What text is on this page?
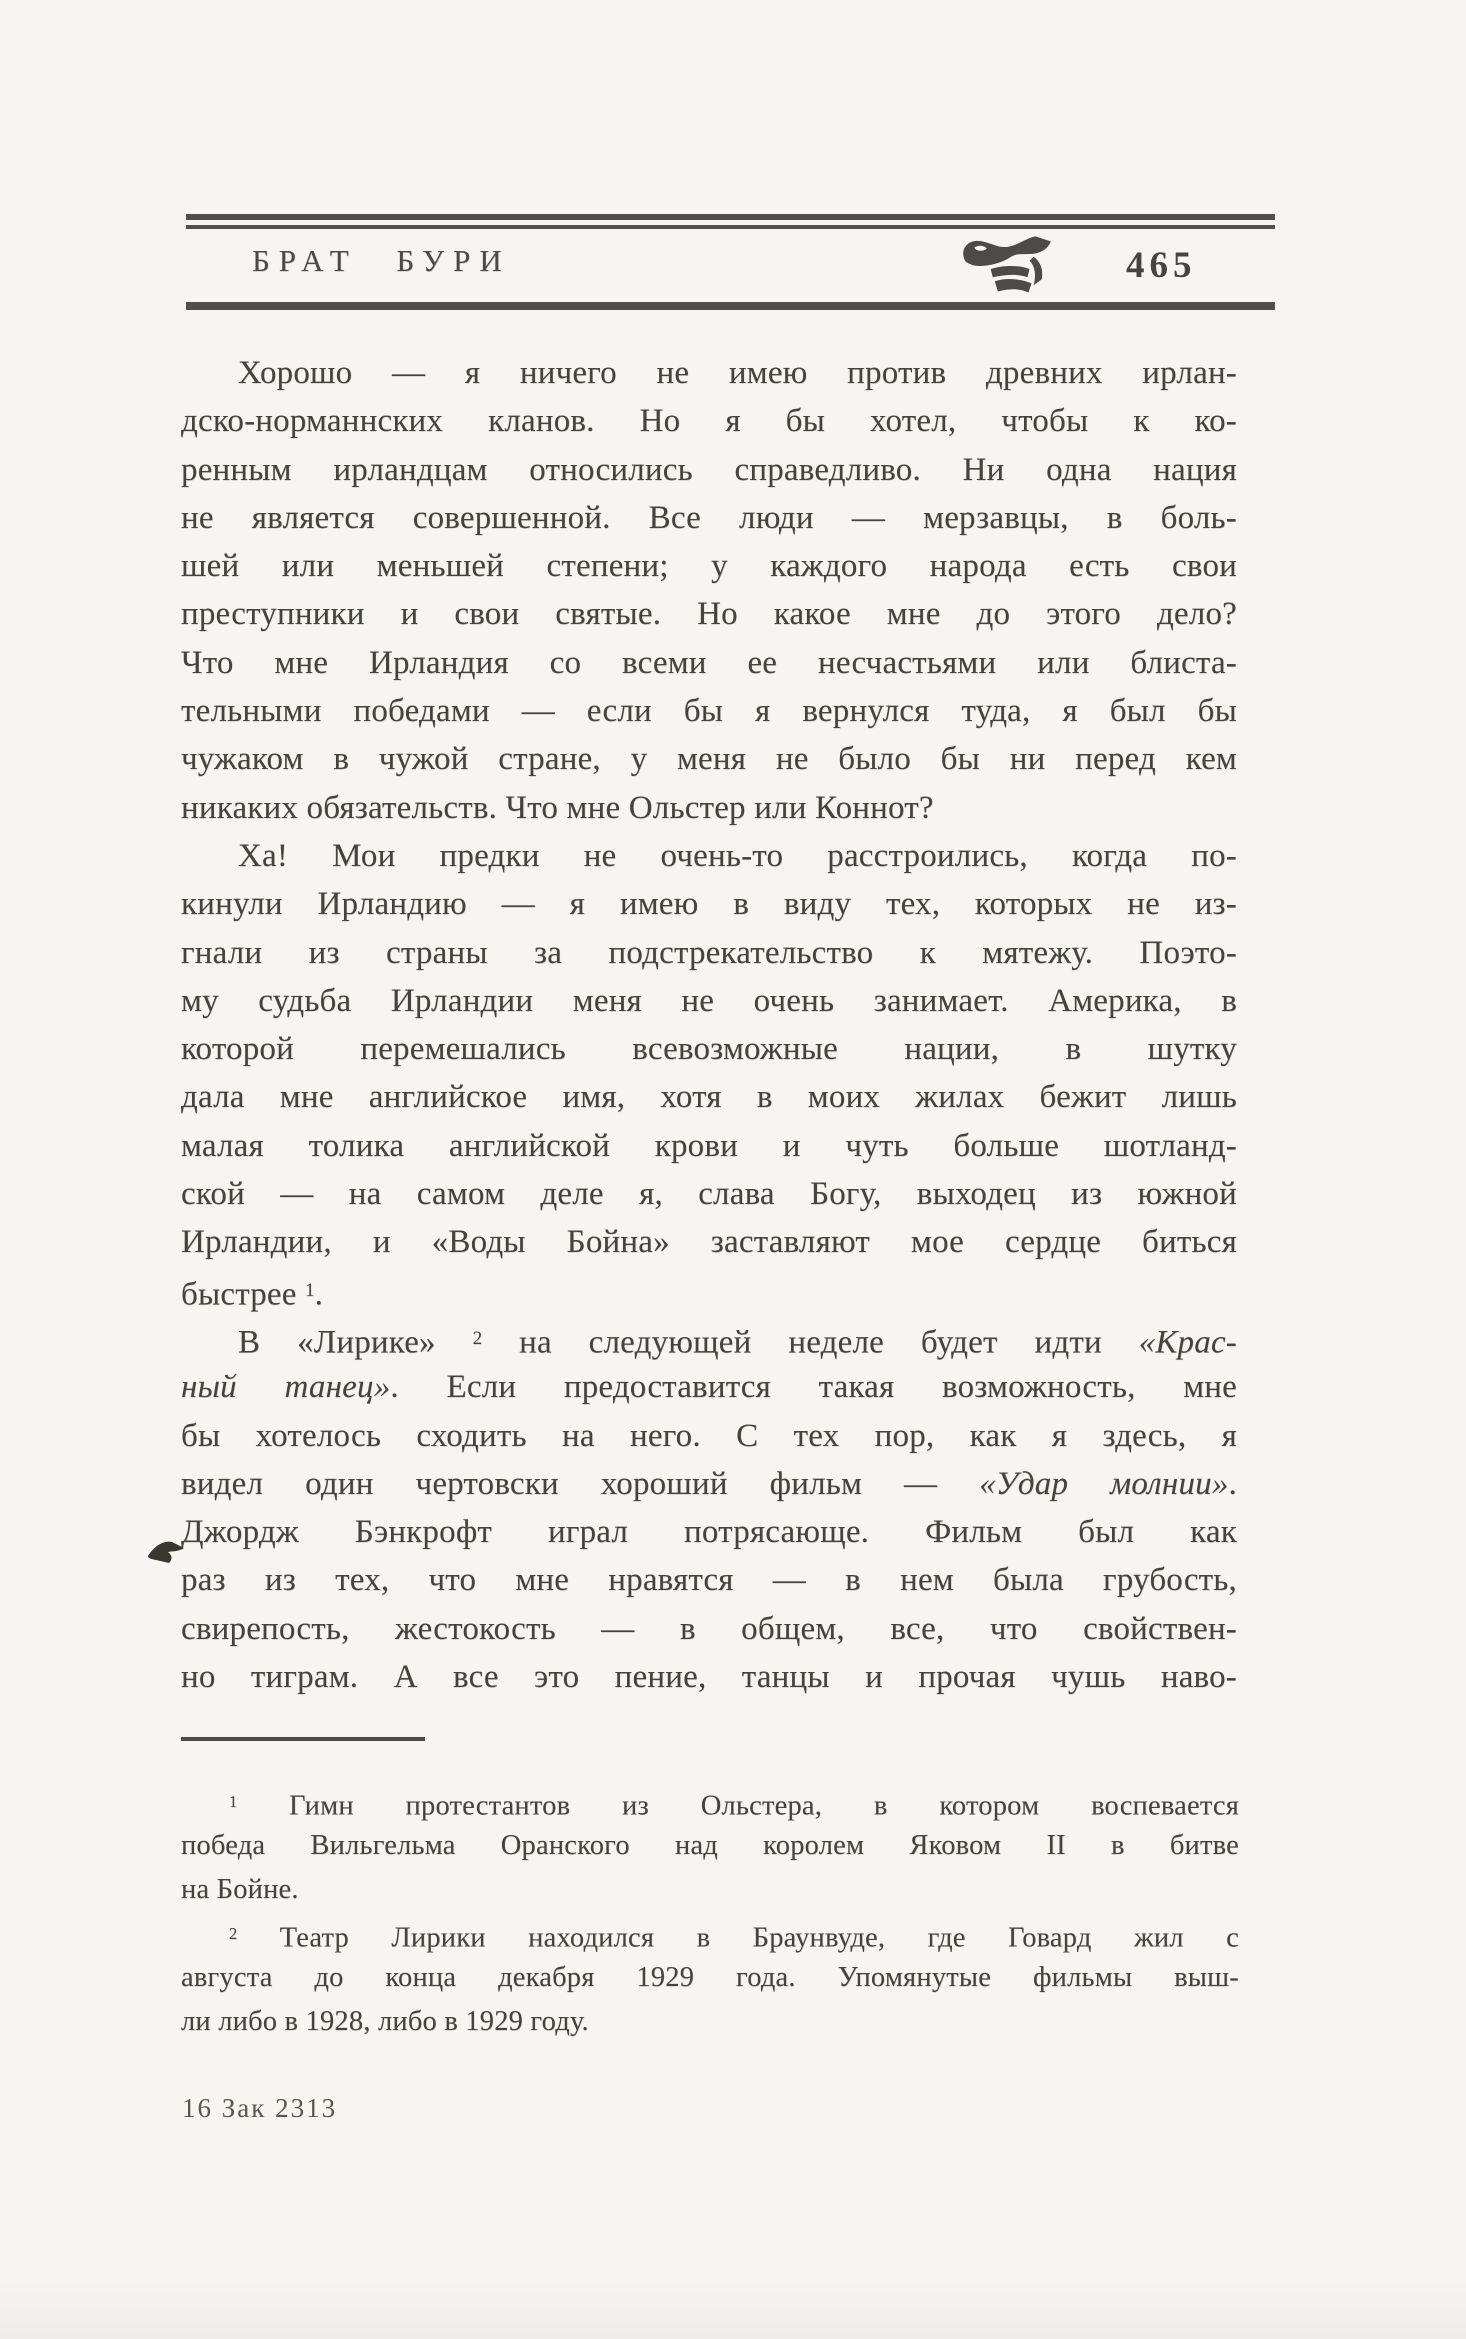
БРАТ БУРИ	465
Хорошо — я ничего не имею против древних ирлан-
дско-норманнских кланов. Но я бы хотел, чтобы к ко-
ренным ирландцам относились справедливо. Ни одна нация
не является совершенной. Все люди — мерзавцы, в боль-
шей или меньшей степени; у каждого народа есть свои
преступники и свои святые. Но какое мне до этого дело?
Что мне Ирландия со всеми ее несчастьями или блиста-
тельными победами — если бы я вернулся туда, я был бы
чужаком в чужой стране, у меня не было бы ни перед кем
никаких обязательств. Что мне Ольстер или Коннот?
Ха! Мои предки не очень-то расстроились, когда по-
кинули Ирландию — я имею в виду тех, которых не из-
гнали из страны за подстрекательство к мятежу. Поэто-
му судьба Ирландии меня не очень занимает. Америка, в
которой перемешались всевозможные нации, в шутку
дала мне английское имя, хотя в моих жилах бежит лишь
малая толика английской крови и чуть больше шотланд-
ской — на самом деле я, слава Богу, выходец из южной
Ирландии, и «Воды Бойна» заставляют мое сердце биться
быстрее $^1$.
В «Лирике» $^2$ на следующей неделе будет идти «Крас-
ный танец». Если предоставится такая возможность, мне
бы хотелось сходить на него. С тех пор, как я здесь, я
видел один чертовски хороший фильм — «Удар молнии».
Джордж Бэнкрофт играл потрясающе. Фильм был как
раз из тех, что мне нравятся — в нем была грубость,
свирепость, жестокость — в общем, все, что свойствен-
но тиграм. А все это пение, танцы и прочая чушь наво-
$^1$ Гимн протестантов из Ольстера, в котором воспевается
победа Вильгельма Оранского над королем Яковом II в битве
на Бойне.
$^2$ Театр Лирики находился в Браунвуде, где Говард жил с
августа до конца декабря 1929 года. Упомянутые фильмы выш-
ли либо в 1928, либо в 1929 году.
16 Зак 2313
